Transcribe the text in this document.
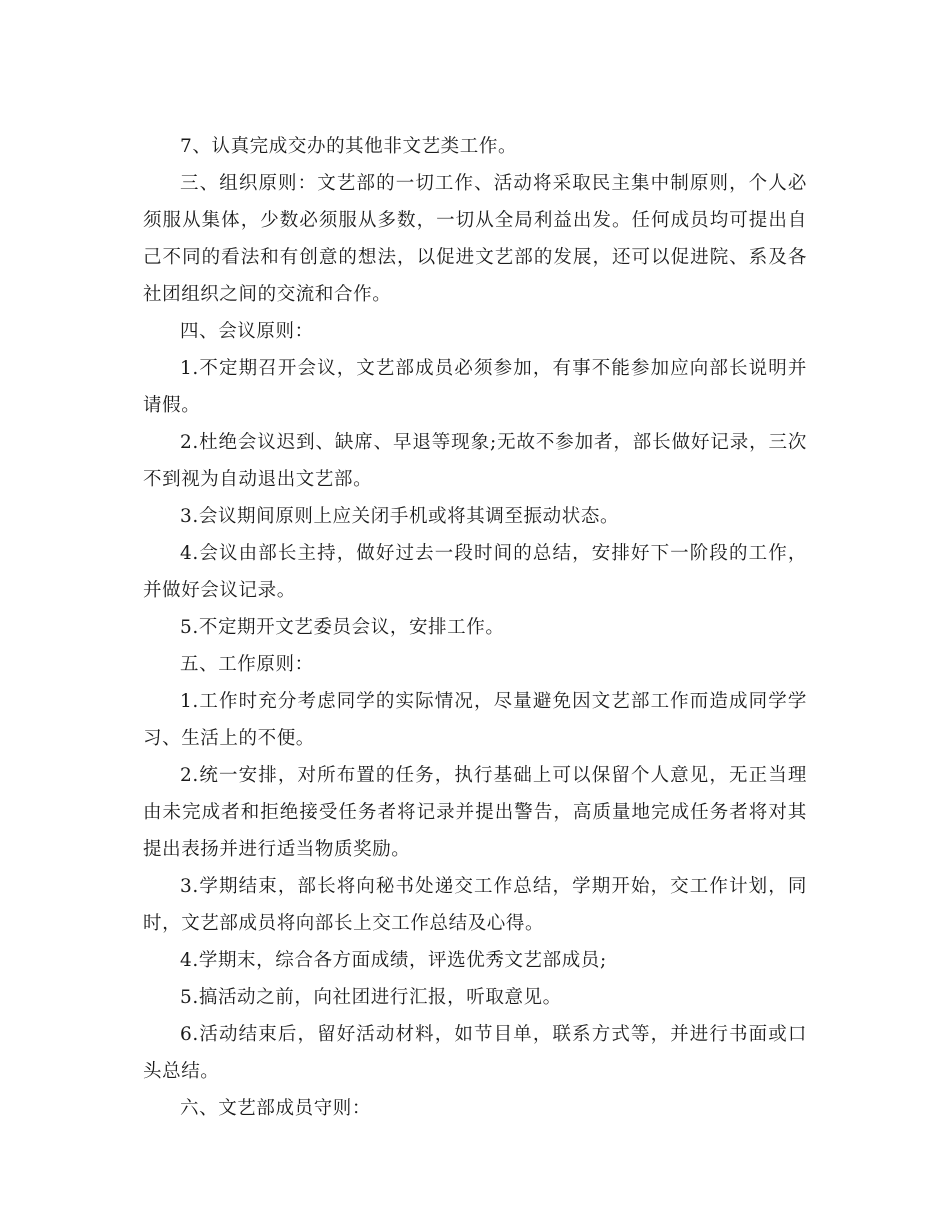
7、认真完成交办的其他非文艺类工作。

三、组织原则：文艺部的一切工作、活动将采取民主集中制原则，个人必须服从集体，少数必须服从多数，一切从全局利益出发。任何成员均可提出自己不同的看法和有创意的想法，以促进文艺部的发展，还可以促进院、系及各社团组织之间的交流和合作。

四、会议原则：

1.不定期召开会议，文艺部成员必须参加，有事不能参加应向部长说明并请假。

2.杜绝会议迟到、缺席、早退等现象;无故不参加者，部长做好记录，三次不到视为自动退出文艺部。

3.会议期间原则上应关闭手机或将其调至振动状态。

4.会议由部长主持，做好过去一段时间的总结，安排好下一阶段的工作，并做好会议记录。

5.不定期开文艺委员会议，安排工作。

五、工作原则：

1.工作时充分考虑同学的实际情况，尽量避免因文艺部工作而造成同学学习、生活上的不便。

2.统一安排，对所布置的任务，执行基础上可以保留个人意见，无正当理由未完成者和拒绝接受任务者将记录并提出警告，高质量地完成任务者将对其提出表扬并进行适当物质奖励。

3.学期结束，部长将向秘书处递交工作总结，学期开始，交工作计划，同时，文艺部成员将向部长上交工作总结及心得。

4.学期末，综合各方面成绩，评选优秀文艺部成员;

5.搞活动之前，向社团进行汇报，听取意见。

6.活动结束后，留好活动材料，如节目单，联系方式等，并进行书面或口头总结。

六、文艺部成员守则：
